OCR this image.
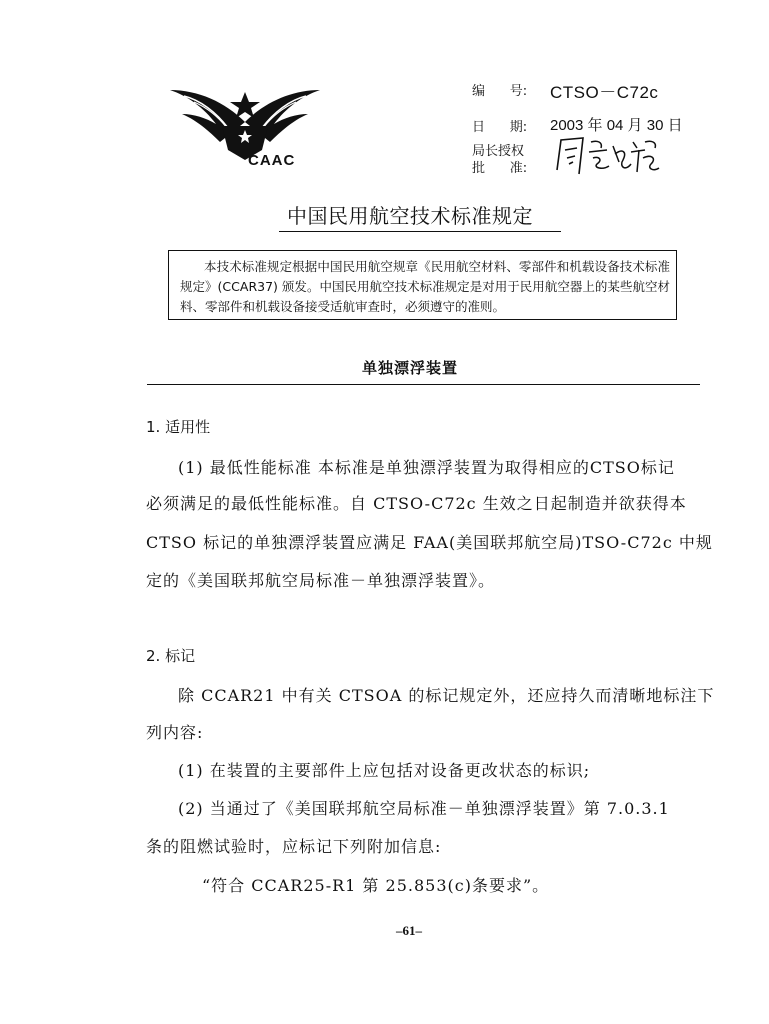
CAAC
编      号: CTSO－C72c
日      期: 2003 年 04 月 30 日
局长授权
批      准:
中国民用航空技术标准规定
本技术标准规定根据中国民用航空规章《民用航空材料、零部件和机载设备技术标准规定》(CCAR37) 颁发。中国民用航空技术标准规定是对用于民用航空器上的某些航空材料、零部件和机载设备接受适航审查时，必须遵守的准则。
单独漂浮装置
1. 适用性
(1) 最低性能标准 本标准是单独漂浮装置为取得相应的CTSO标记
必须满足的最低性能标准。自 CTSO-C72c 生效之日起制造并欲获得本
CTSO 标记的单独漂浮装置应满足 FAA(美国联邦航空局)TSO-C72c 中规
定的《美国联邦航空局标准－单独漂浮装置》。
2. 标记
除 CCAR21 中有关 CTSOA 的标记规定外，还应持久而清晰地标注下
列内容:
(1) 在装置的主要部件上应包括对设备更改状态的标识;
(2) 当通过了《美国联邦航空局标准－单独漂浮装置》第 7.0.3.1
条的阻燃试验时，应标记下列附加信息:
“符合 CCAR25-R1 第 25.853(c)条要求”。
–61–
